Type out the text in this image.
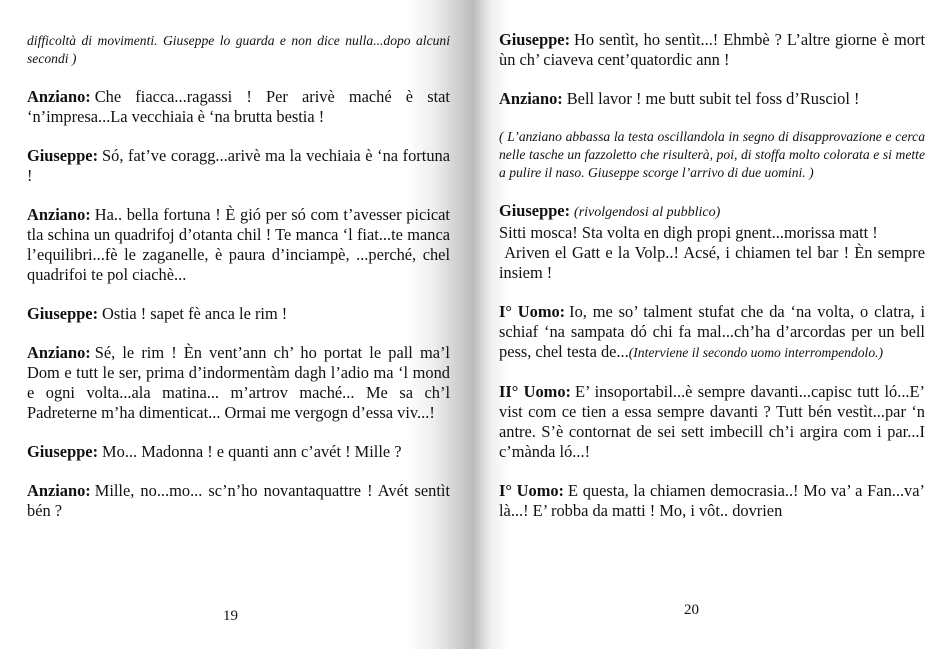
difficoltà di movimenti. Giuseppe lo guarda e non dice nulla...dopo alcuni secondi )

Anziano: Che fiacca...ragassi ! Per arivè maché è stat ‘n’impresa...La vecchiaia è ‘na brutta bestia !

Giuseppe: Só, fat’ve coragg...arivè ma la vechiaia è ‘na fortuna !

Anziano: Ha.. bella fortuna ! È gió per só com t’avesser picicat tla schina un quadrifoj d’otanta chil ! Te manca ‘l fiat...te manca l’equilibri...fè le zaganelle, è paura d’inciampè, ...perché, chel quadrifoi te pol ciachè...

Giuseppe: Ostia ! sapet fè anca le rim !

Anziano: Sé, le rim ! Èn vent’ann ch’ ho portat le pall ma’l Dom e tutt le ser, prima d’indormentàm dagh l’adio ma ‘l mond e ogni volta...ala matina... m’artrov maché... Me sa ch’l Padreterne m’ha dimenticat... Ormai me vergogn d’essa viv...!

Giuseppe: Mo... Madonna ! e quanti ann c’avét ! Mille ?

Anziano: Mille, no...mo... sc’n’ho novantaquattre ! Avét sentìt bén ?

19

Giuseppe: Ho sentìt, ho sentìt...! Ehmbè ? L’altre giorne è mort ùn ch’ ciaveva cent’quatordic ann !

Anziano: Bell lavor ! me butt subit tel foss d’Rusciol !

( L’anziano abbassa la testa oscillandola in segno di disapprovazione e cerca nelle tasche un fazzoletto che risulterà, poi, di stoffa molto colorata e si mette a pulire il naso. Giuseppe scorge l’arrivo di due uomini. )

Giuseppe: (rivolgendosi al pubblico)
Sitti mosca! Sta volta en digh propi gnent...morissa matt !
Ariven el Gatt e la Volp..! Acsé, i chiamen tel bar ! Èn sempre insiem !

I° Uomo: Io, me so’ talment stufat che da ‘na volta, o clatra, i schiaf ‘na sampata dó chi fa mal...ch’ha d’arcordas per un bell pess, chel testa de...(Interviene il secondo uomo interrompendolo.)

II° Uomo: E’ insoportabil...è sempre davanti...capisc tutt ló...E’ vist com ce tien a essa sempre davanti ? Tutt bén vestìt...par ‘n antre. S’è contornat de sei sett imbecill ch’i argira com i par...I c’mànda ló...!

I° Uomo: E questa, la chiamen democrasia..! Mo va’ a Fan...va’ là...! E’ robba da matti ! Mo, i vôt.. dovrien

20
